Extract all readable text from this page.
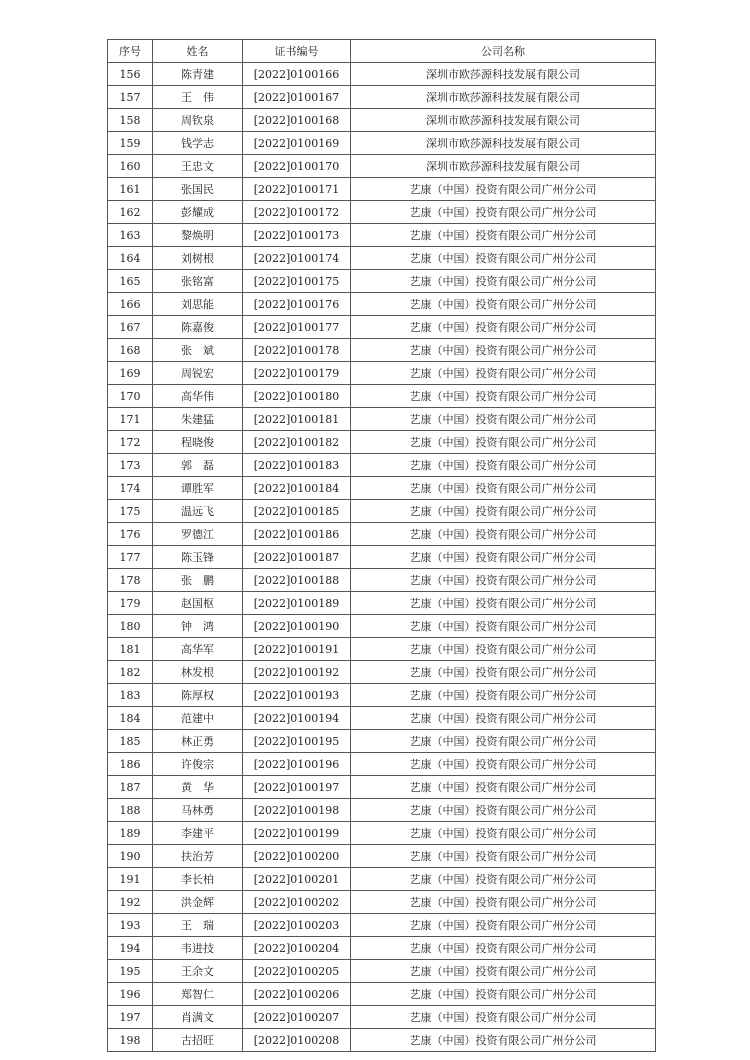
序号	姓名	证书编号	公司名称
156	陈青建	[2022]0100166	深圳市欧莎源科技发展有限公司
157	王　伟	[2022]0100167	深圳市欧莎源科技发展有限公司
158	周钦泉	[2022]0100168	深圳市欧莎源科技发展有限公司
159	钱学志	[2022]0100169	深圳市欧莎源科技发展有限公司
160	王忠文	[2022]0100170	深圳市欧莎源科技发展有限公司
161	张国民	[2022]0100171	艺康（中国）投资有限公司广州分公司
162	彭耀成	[2022]0100172	艺康（中国）投资有限公司广州分公司
163	黎焕明	[2022]0100173	艺康（中国）投资有限公司广州分公司
164	刘树根	[2022]0100174	艺康（中国）投资有限公司广州分公司
165	张铭富	[2022]0100175	艺康（中国）投资有限公司广州分公司
166	刘思能	[2022]0100176	艺康（中国）投资有限公司广州分公司
167	陈嘉俊	[2022]0100177	艺康（中国）投资有限公司广州分公司
168	张　斌	[2022]0100178	艺康（中国）投资有限公司广州分公司
169	周锐宏	[2022]0100179	艺康（中国）投资有限公司广州分公司
170	高华伟	[2022]0100180	艺康（中国）投资有限公司广州分公司
171	朱建猛	[2022]0100181	艺康（中国）投资有限公司广州分公司
172	程晓俊	[2022]0100182	艺康（中国）投资有限公司广州分公司
173	郭　磊	[2022]0100183	艺康（中国）投资有限公司广州分公司
174	谭胜军	[2022]0100184	艺康（中国）投资有限公司广州分公司
175	温远飞	[2022]0100185	艺康（中国）投资有限公司广州分公司
176	罗德江	[2022]0100186	艺康（中国）投资有限公司广州分公司
177	陈玉锋	[2022]0100187	艺康（中国）投资有限公司广州分公司
178	张　鹏	[2022]0100188	艺康（中国）投资有限公司广州分公司
179	赵国枢	[2022]0100189	艺康（中国）投资有限公司广州分公司
180	钟　鸿	[2022]0100190	艺康（中国）投资有限公司广州分公司
181	高华军	[2022]0100191	艺康（中国）投资有限公司广州分公司
182	林发根	[2022]0100192	艺康（中国）投资有限公司广州分公司
183	陈厚权	[2022]0100193	艺康（中国）投资有限公司广州分公司
184	范建中	[2022]0100194	艺康（中国）投资有限公司广州分公司
185	林正勇	[2022]0100195	艺康（中国）投资有限公司广州分公司
186	许俊宗	[2022]0100196	艺康（中国）投资有限公司广州分公司
187	黄　华	[2022]0100197	艺康（中国）投资有限公司广州分公司
188	马林勇	[2022]0100198	艺康（中国）投资有限公司广州分公司
189	李建平	[2022]0100199	艺康（中国）投资有限公司广州分公司
190	扶治芳	[2022]0100200	艺康（中国）投资有限公司广州分公司
191	李长柏	[2022]0100201	艺康（中国）投资有限公司广州分公司
192	洪金辉	[2022]0100202	艺康（中国）投资有限公司广州分公司
193	王　瑞	[2022]0100203	艺康（中国）投资有限公司广州分公司
194	韦进技	[2022]0100204	艺康（中国）投资有限公司广州分公司
195	王余文	[2022]0100205	艺康（中国）投资有限公司广州分公司
196	郑智仁	[2022]0100206	艺康（中国）投资有限公司广州分公司
197	肖满文	[2022]0100207	艺康（中国）投资有限公司广州分公司
198	古招旺	[2022]0100208	艺康（中国）投资有限公司广州分公司
